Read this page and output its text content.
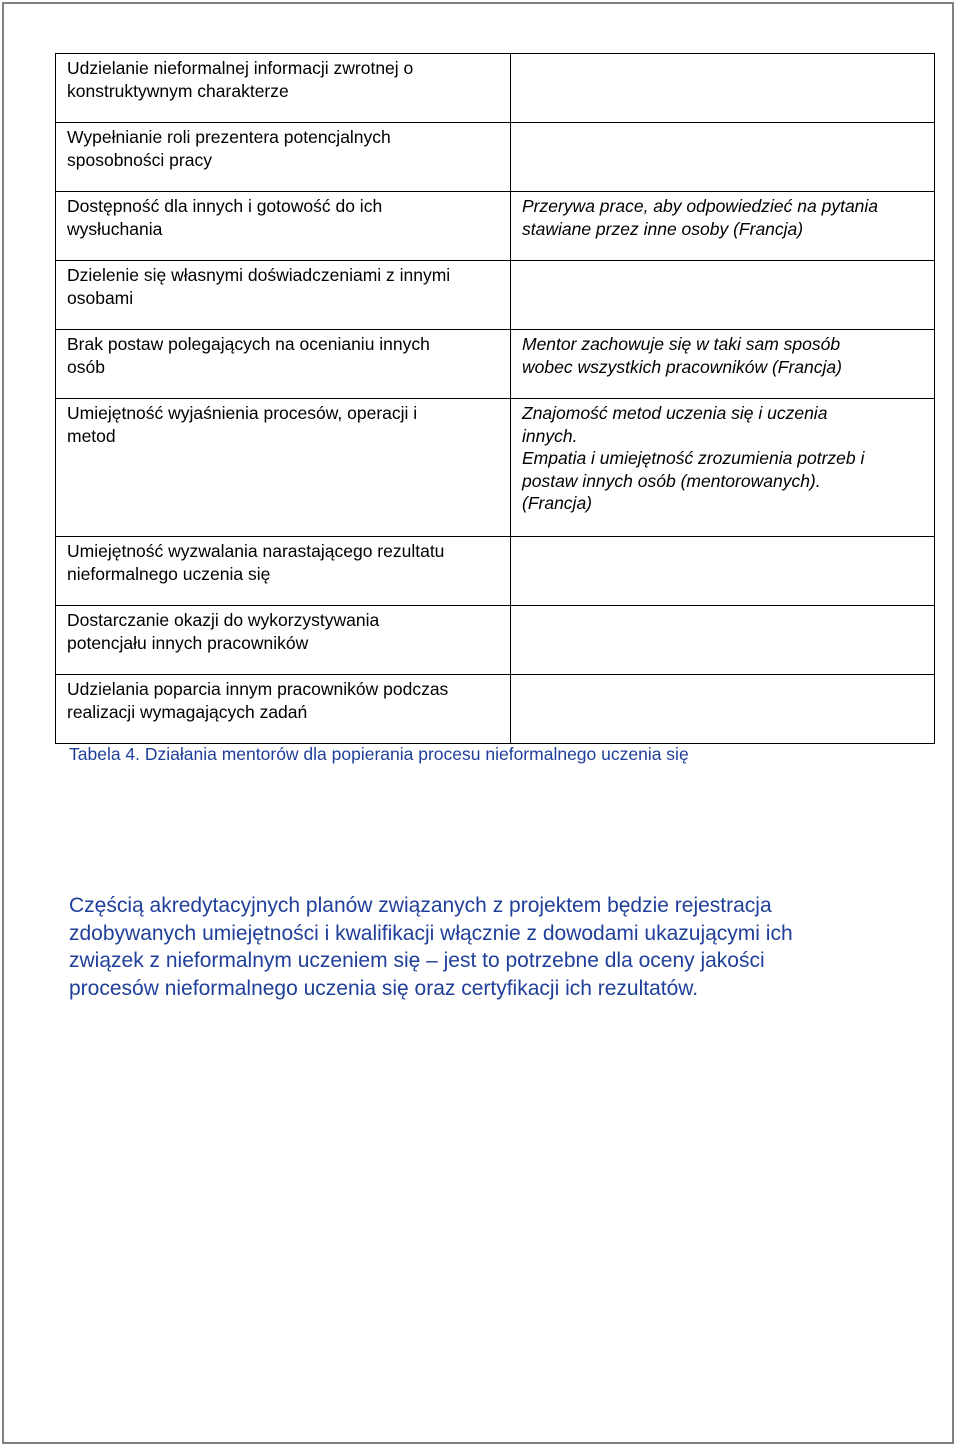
Udzielanie nieformalnej informacji zwrotnej o
konstruktywnym charakterze	

Wypełnianie roli prezentera potencjalnych
sposobności pracy	

Dostępność dla innych i gotowość do ich
wysłuchania	Przerywa prace, aby odpowiedzieć na pytania
stawiane przez inne osoby (Francja)

Dzielenie się własnymi doświadczeniami z innymi
osobami	

Brak postaw polegających na ocenianiu innych
osób	Mentor zachowuje się w taki sam sposób
wobec wszystkich pracowników (Francja)

Umiejętność wyjaśnienia procesów, operacji i
metod	Znajomość metod uczenia się i uczenia
innych.
Empatia i umiejętność zrozumienia potrzeb i
postaw innych osób (mentorowanych).
(Francja)

Umiejętność wyzwalania narastającego rezultatu
nieformalnego uczenia się	

Dostarczanie okazji do wykorzystywania
potencjału innych pracowników	

Udzielania poparcia innym pracowników podczas
realizacji wymagających zadań	

Tabela 4. Działania mentorów dla popierania procesu nieformalnego uczenia się
Częścią akredytacyjnych planów związanych z projektem będzie rejestracja
zdobywanych umiejętności i kwalifikacji włącznie z dowodami ukazującymi ich
związek z nieformalnym uczeniem się – jest to potrzebne dla oceny jakości
procesów nieformalnego uczenia się oraz certyfikacji ich rezultatów.
